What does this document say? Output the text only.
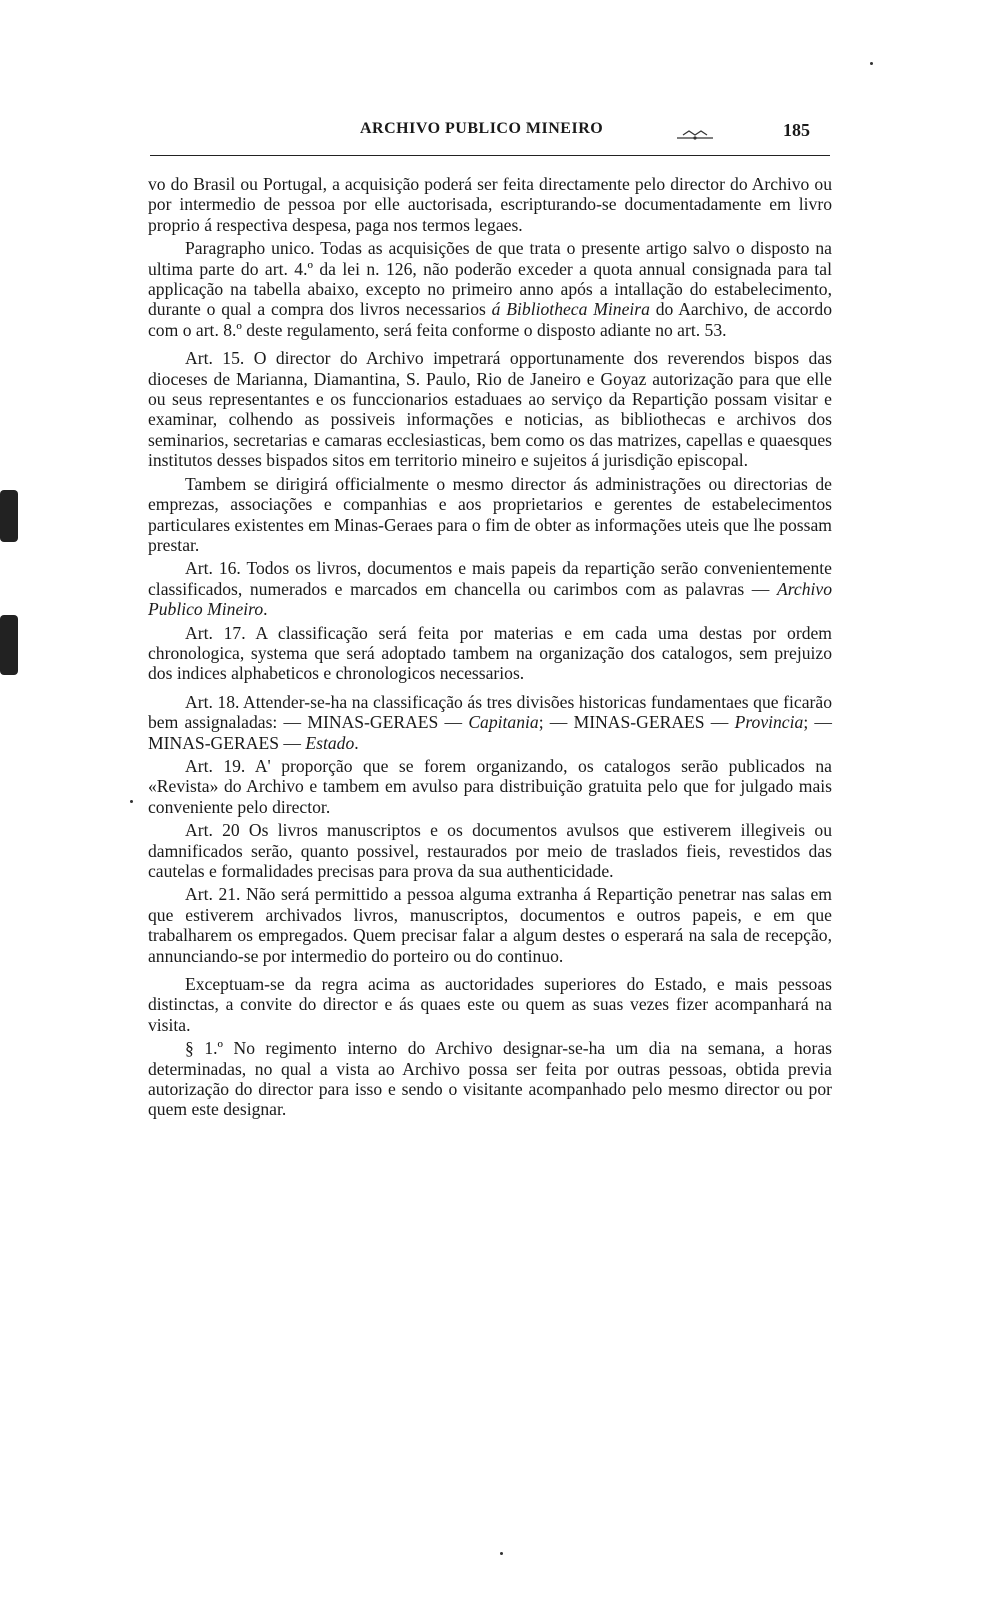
ARCHIVO PUBLICO MINEIRO	185

vo do Brasil ou Portugal, a acquisição poderá ser feita directamente pelo director do Archivo ou por intermedio de pessoa por elle auctorisada, escripturando-se documentadamente em livro proprio á respectiva despesa, paga nos termos legaes.

Paragrapho unico. Todas as acquisições de que trata o presente artigo salvo o disposto na ultima parte do art. 4.º da lei n. 126, não poderão exceder a quota annual consignada para tal applicação na tabella abaixo, excepto no primeiro anno após a intallação do estabelecimento, durante o qual a compra dos livros necessarios á Bibliotheca Mineira do Aarchivo, de accordo com o art. 8.º deste regulamento, será feita conforme o disposto adiante no art. 53.

Art. 15. O director do Archivo impetrará opportunamente dos reverendos bispos das dioceses de Marianna, Diamantina, S. Paulo, Rio de Janeiro e Goyaz autorização para que elle ou seus representantes e os funccionarios estaduaes ao serviço da Repartição possam visitar e examinar, colhendo as possiveis informações e noticias, as bibliothecas e archivos dos seminarios, secretarias e camaras ecclesiasticas, bem como os das matrizes, capellas e quaesques institutos desses bispados sitos em territorio mineiro e sujeitos á jurisdição episcopal.

Tambem se dirigirá officialmente o mesmo director ás administrações ou directorias de emprezas, associações e companhias e aos proprietarios e gerentes de estabelecimentos particulares existentes em Minas-Geraes para o fim de obter as informações uteis que lhe possam prestar.

Art. 16. Todos os livros, documentos e mais papeis da repartição serão convenientemente classificados, numerados e marcados em chancella ou carimbos com as palavras — Archivo Publico Mineiro.

Art. 17. A classificação será feita por materias e em cada uma destas por ordem chronologica, systema que será adoptado tambem na organização dos catalogos, sem prejuizo dos indices alphabeticos e chronologicos necessarios.

Art. 18. Attender-se-ha na classificação ás tres divisões historicas fundamentaes que ficarão bem assignaladas: — MINAS-GERAES — Capitania; — MINAS-GERAES — Provincia; — MINAS-GERAES — Estado.

Art. 19. A' proporção que se forem organizando, os catalogos serão publicados na «Revista» do Archivo e tambem em avulso para distribuição gratuita pelo que for julgado mais conveniente pelo director.

Art. 20 Os livros manuscriptos e os documentos avulsos que estiverem illegiveis ou damnificados serão, quanto possivel, restaurados por meio de traslados fieis, revestidos das cautelas e formalidades precisas para prova da sua authenticidade.

Art. 21. Não será permittido a pessoa alguma extranha á Repartição penetrar nas salas em que estiverem archivados livros, manuscriptos, documentos e outros papeis, e em que trabalharem os empregados. Quem precisar falar a algum destes o esperará na sala de recepção, annunciando-se por intermedio do porteiro ou do continuo.

Exceptuam-se da regra acima as auctoridades superiores do Estado, e mais pessoas distinctas, a convite do director e ás quaes este ou quem as suas vezes fizer acompanhará na visita.

§ 1.º No regimento interno do Archivo designar-se-ha um dia na semana, a horas determinadas, no qual a vista ao Archivo possa ser feita por outras pessoas, obtida previa autorização do director para isso e sendo o visitante acompanhado pelo mesmo director ou por quem este designar.
